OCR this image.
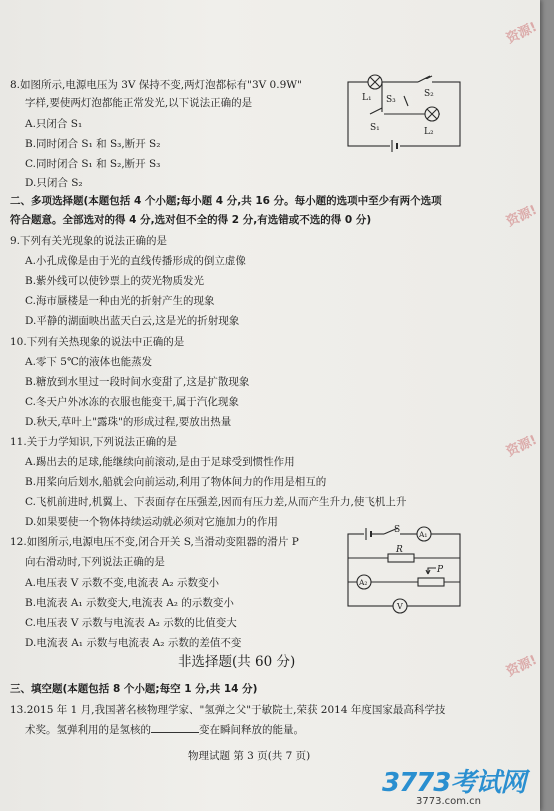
资源!
资源!
资源!
资源!
8.如图所示,电源电压为 3V 保持不变,两灯泡都标有"3V 0.9W"
字样,要使两灯泡都能正常发光,以下说法正确的是
A.只闭合 S₁
B.同时闭合 S₁ 和 S₃,断开 S₂
C.同时闭合 S₁ 和 S₂,断开 S₃
D.只闭合 S₂
L₁ S₃
S₂
S₁	L₂
二、多项选择题(本题包括 4 个小题;每小题 4 分,共 16 分。每小题的选项中至少有两个选项
符合题意。全部选对的得 4 分,选对但不全的得 2 分,有选错或不选的得 0 分)
9.下列有关光现象的说法正确的是
A.小孔成像是由于光的直线传播形成的倒立虚像
B.紫外线可以使钞票上的荧光物质发光
C.海市蜃楼是一种由光的折射产生的现象
D.平静的湖面映出蓝天白云,这是光的折射现象
10.下列有关热现象的说法中正确的是
A.零下 5℃的液体也能蒸发
B.糖放到水里过一段时间水变甜了,这是扩散现象
C.冬天户外冰冻的衣服也能变干,属于汽化现象
D.秋天,草叶上"露珠"的形成过程,要放出热量
11.关于力学知识,下列说法正确的是
A.踢出去的足球,能继续向前滚动,是由于足球受到惯性作用
B.用桨向后划水,船就会向前运动,利用了物体间力的作用是相互的
C.飞机前进时,机翼上、下表面存在压强差,因而有压力差,从而产生升力,使飞机上升
D.如果要使一个物体持续运动就必须对它施加力的作用
12.如图所示,电源电压不变,闭合开关 S,当滑动变阻器的滑片 P
向右滑动时,下列说法正确的是
A.电压表 V 示数不变,电流表 A₂ 示数变小
B.电流表 A₁ 示数变大,电流表 A₂ 的示数变小
C.电压表 V 示数与电流表 A₂ 示数的比值变大
D.电流表 A₁ 示数与电流表 A₂ 示数的差值不变
S	A₁
R
A₂
P
V
非选择题(共 60 分)
三、填空题(本题包括 8 个小题;每空 1 分,共 14 分)
13.2015 年 1 月,我国著名核物理学家、"氢弹之父"于敏院士,荣获 2014 年度国家最高科学技
术奖。氢弹利用的是氢核的	变在瞬间释放的能量。
物理试题 第 3 页(共 7 页)
3773考试网
3773.com.cn
